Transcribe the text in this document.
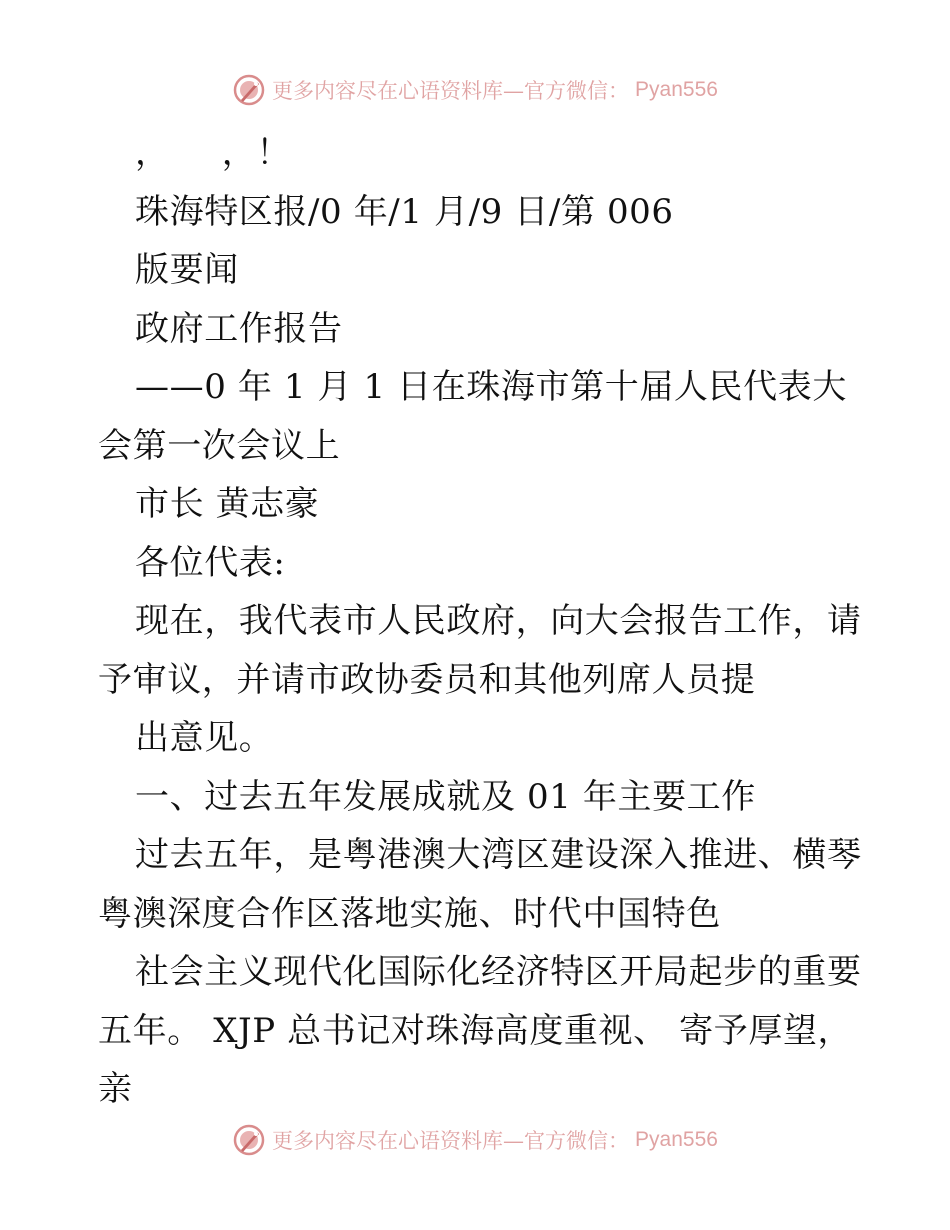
更多内容尽在心语资料库—官方微信： Pyan556
，　　，！
珠海特区报/0 年/1 月/9 日/第 006
版要闻
政府工作报告
——0 年 1 月 1 日在珠海市第十届人民代表大
会第一次会议上
市长 黄志豪
各位代表:
现在，我代表市人民政府，向大会报告工作，请
予审议，并请市政协委员和其他列席人员提
出意见。
一、过去五年发展成就及 01 年主要工作
过去五年，是粤港澳大湾区建设深入推进、横琴
粤澳深度合作区落地实施、时代中国特色
社会主义现代化国际化经济特区开局起步的重要
五年。 XJP 总书记对珠海高度重视、 寄予厚望，
亲
更多内容尽在心语资料库—官方微信： Pyan556
